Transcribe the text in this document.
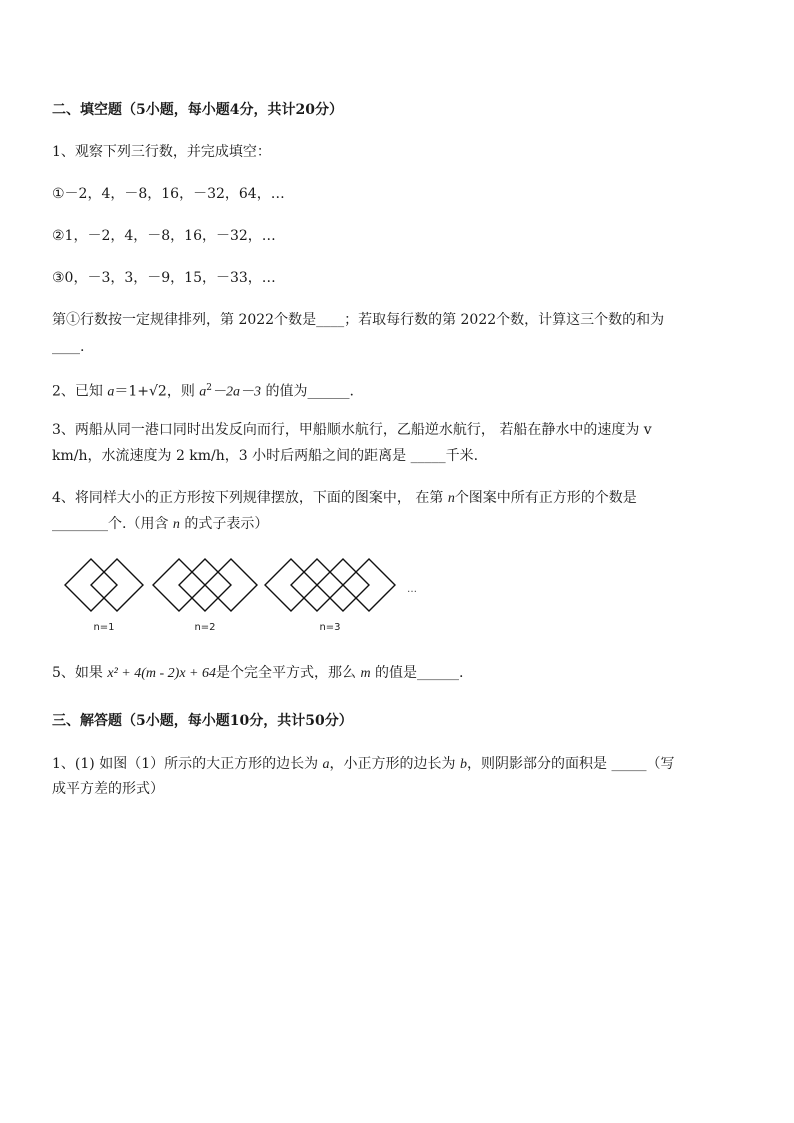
二、填空题（5小题，每小题4分，共计20分）
1、观察下列三行数，并完成填空：
①－2，4，－8，16，－32，64，…
②1，－2，4，－8，16，－32，…
③0，－3，3，－9，15，－33，…
第①行数按一定规律排列，第 2022个数是____；若取每行数的第 2022个数，计算这三个数的和为
____.
2、已知 a＝1+√2，则 $a^2-2a-3$ 的值为______.
3、两船从同一港口同时出发反向而行，甲船顺水航行，乙船逆水航行， 若船在静水中的速度为 v
km/h，水流速度为 2 km/h，3 小时后两船之间的距离是 _____千米.
4、将同样大小的正方形按下列规律摆放，下面的图案中， 在第 n个图案中所有正方形的个数是
________个.（用含 n 的式子表示）
n=1	n=2	n=3
…
5、如果 x² + 4(m - 2)x + 64是个完全平方式，那么 m 的值是______.
三、解答题（5小题，每小题10分，共计50分）
1、(1) 如图（1）所示的大正方形的边长为 a，小正方形的边长为 b，则阴影部分的面积是 _____（写
成平方差的形式）
